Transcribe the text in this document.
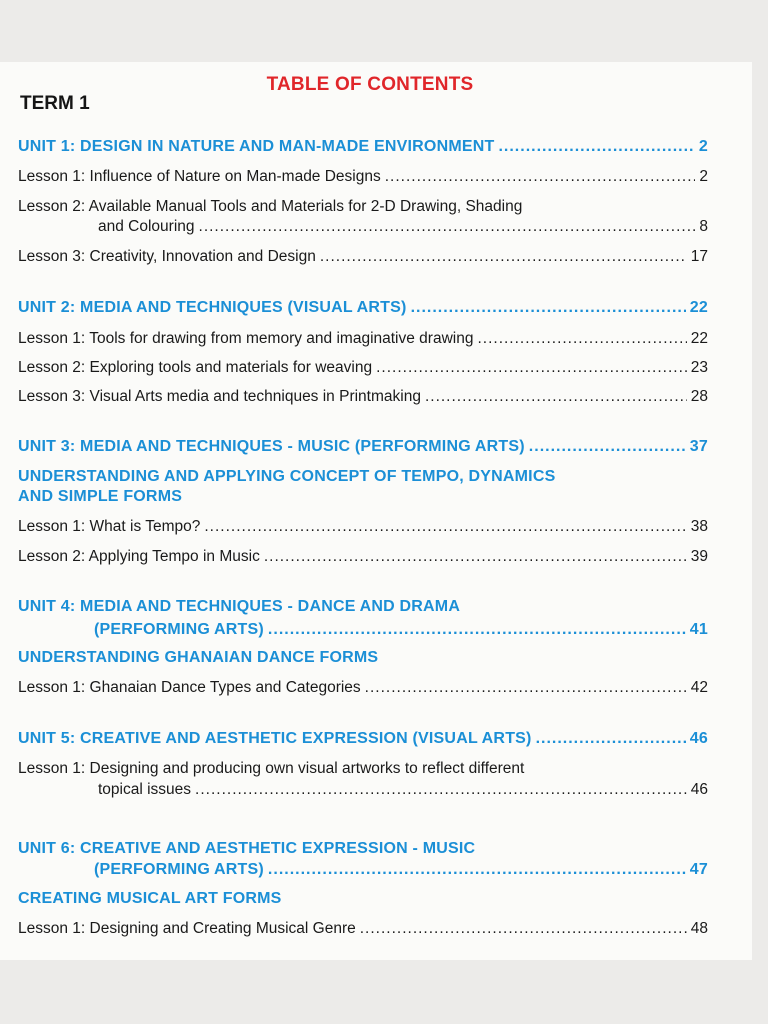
TABLE OF CONTENTS
TERM 1
UNIT 1: DESIGN IN NATURE AND MAN-MADE ENVIRONMENT .....	2
Lesson 1: Influence of Nature on Man-made Designs .....	2
Lesson 2: Available Manual Tools and Materials for 2-D Drawing, Shading
and Colouring .....	8
Lesson 3: Creativity, Innovation and Design .....	17
UNIT 2: MEDIA AND TECHNIQUES (VISUAL ARTS) .....	22
Lesson 1: Tools for drawing from memory and imaginative drawing .....	22
Lesson 2: Exploring tools and materials for weaving .....	23
Lesson 3: Visual Arts media and techniques in Printmaking .....	28
UNIT 3: MEDIA AND TECHNIQUES - MUSIC (PERFORMING ARTS) .....	37
UNDERSTANDING AND APPLYING CONCEPT OF TEMPO, DYNAMICS
AND SIMPLE FORMS
Lesson 1: What is Tempo? .....	38
Lesson 2: Applying Tempo in Music .....	39
UNIT 4: MEDIA AND TECHNIQUES - DANCE AND DRAMA
(PERFORMING ARTS) .....	41
UNDERSTANDING GHANAIAN DANCE FORMS
Lesson 1: Ghanaian Dance Types and Categories .....	42
UNIT 5: CREATIVE AND AESTHETIC EXPRESSION (VISUAL ARTS) .....	46
Lesson 1: Designing and producing own visual artworks to reflect different
topical issues .....	46
UNIT 6: CREATIVE AND AESTHETIC EXPRESSION - MUSIC
(PERFORMING ARTS) .....	47
CREATING MUSICAL ART FORMS
Lesson 1: Designing and Creating Musical Genre .....	48
